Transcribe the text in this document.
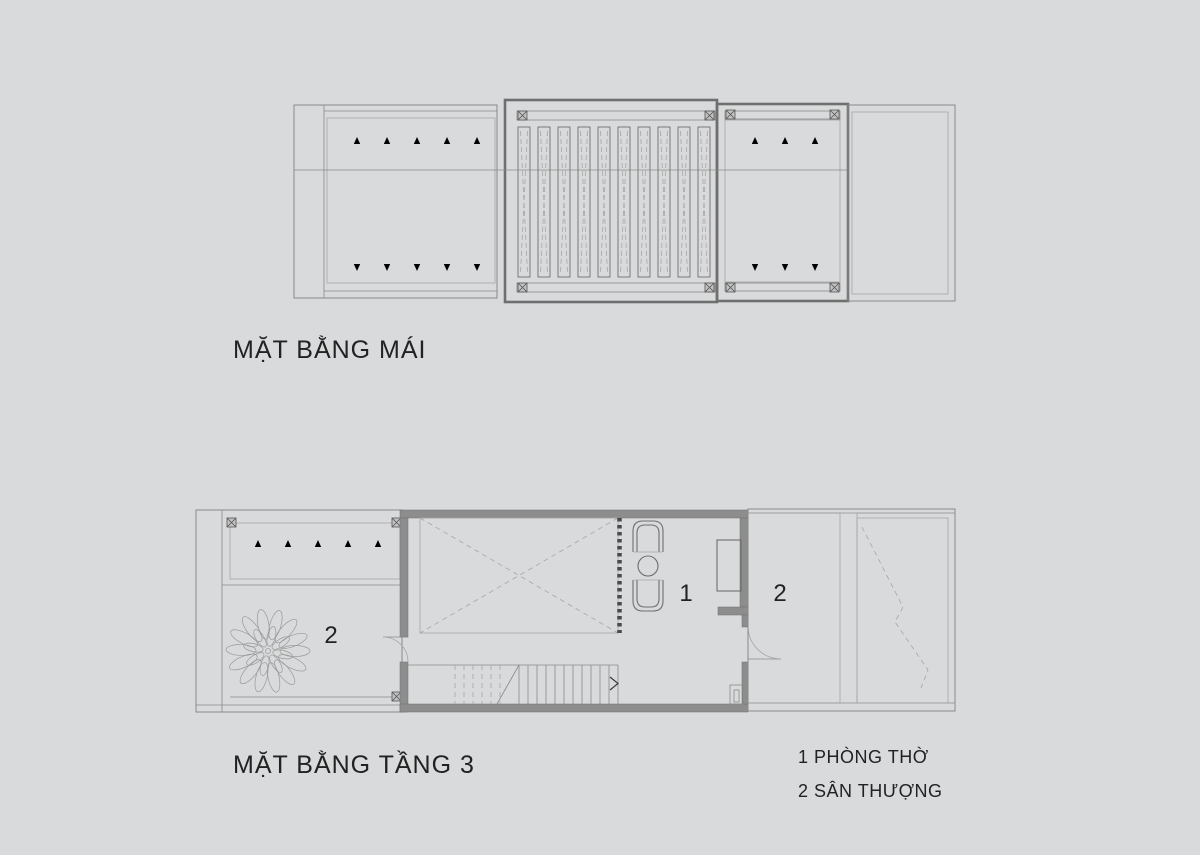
MẶT BẰNG MÁI
2
1	2
MẶT BẰNG TẦNG 3	1 PHÒNG THỜ
2 SÂN THƯỢNG
